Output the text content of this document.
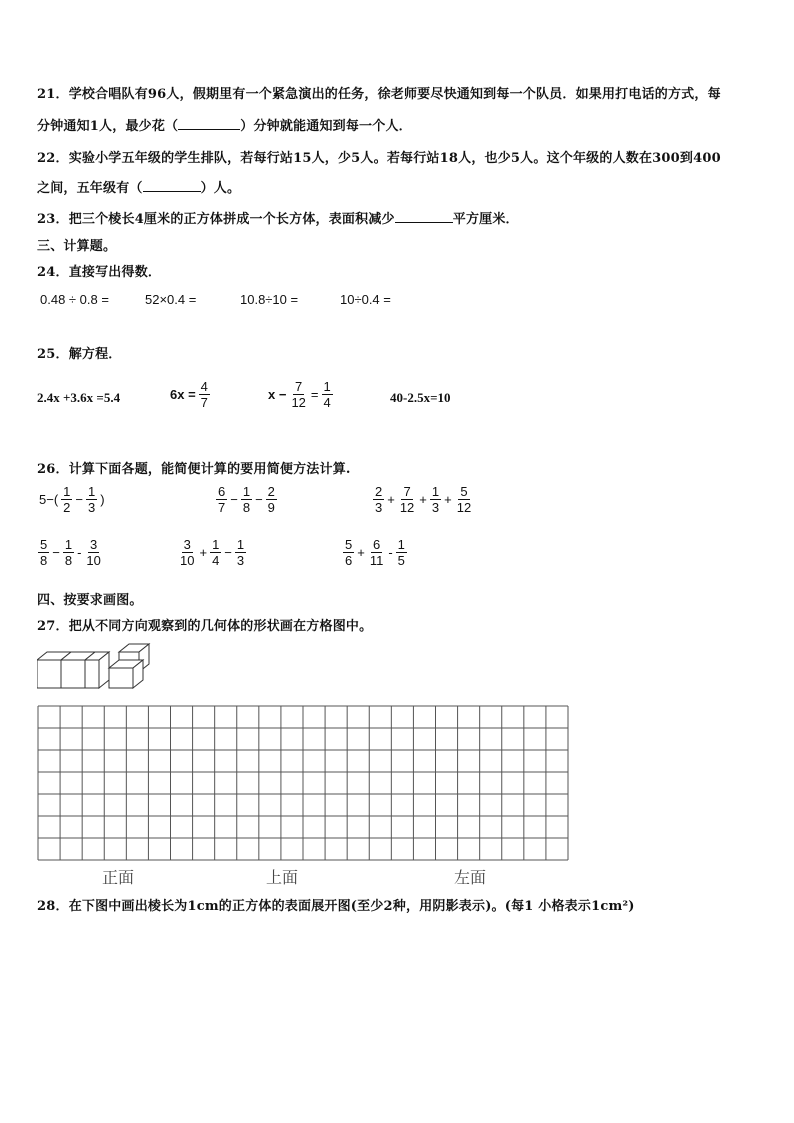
21．学校合唱队有96人，假期里有一个紧急演出的任务，徐老师要尽快通知到每一个队员．如果用打电话的方式，每
分钟通知1人，最少花（	）分钟就能通知到每一个人．
22．实验小学五年级的学生排队，若每行站15人，少5人。若每行站18人，也少5人。这个年级的人数在300到400
之间，五年级有（	）人。
23．把三个棱长4厘米的正方体拼成一个长方体，表面积减少	平方厘米．
三、计算题。
24．直接写出得数．
0.48 ÷ 0.8 =	52×0.4 =	10.8÷10 =	10÷0.4 =
25．解方程．
2.4x +3.6x =5.4	$6x = \frac{4}{7}$	$x - \frac{7}{12} = \frac{1}{4}$	40-2.5x=10
26．计算下面各题，能简便计算的要用简便方法计算.
$5-( \frac{1}{2} - \frac{1}{3}$ )	$\frac{6}{7} - \frac{1}{8} - \frac{2}{9}$	$\frac{2}{3} + \frac{7}{12} + \frac{1}{3} + \frac{5}{12}$
$\frac{5}{8} - \frac{1}{8} - \frac{3}{10}$	$\frac{3}{10} + \frac{1}{4} - \frac{1}{3}$	$\frac{5}{6} + \frac{6}{11} - \frac{1}{5}$
四、按要求画图。
27．把从不同方向观察到的几何体的形状画在方格图中。
正面	上面	左面
28．在下图中画出棱长为1cm的正方体的表面展开图(至少2种，用阴影表示)。(每1 小格表示1cm²)
